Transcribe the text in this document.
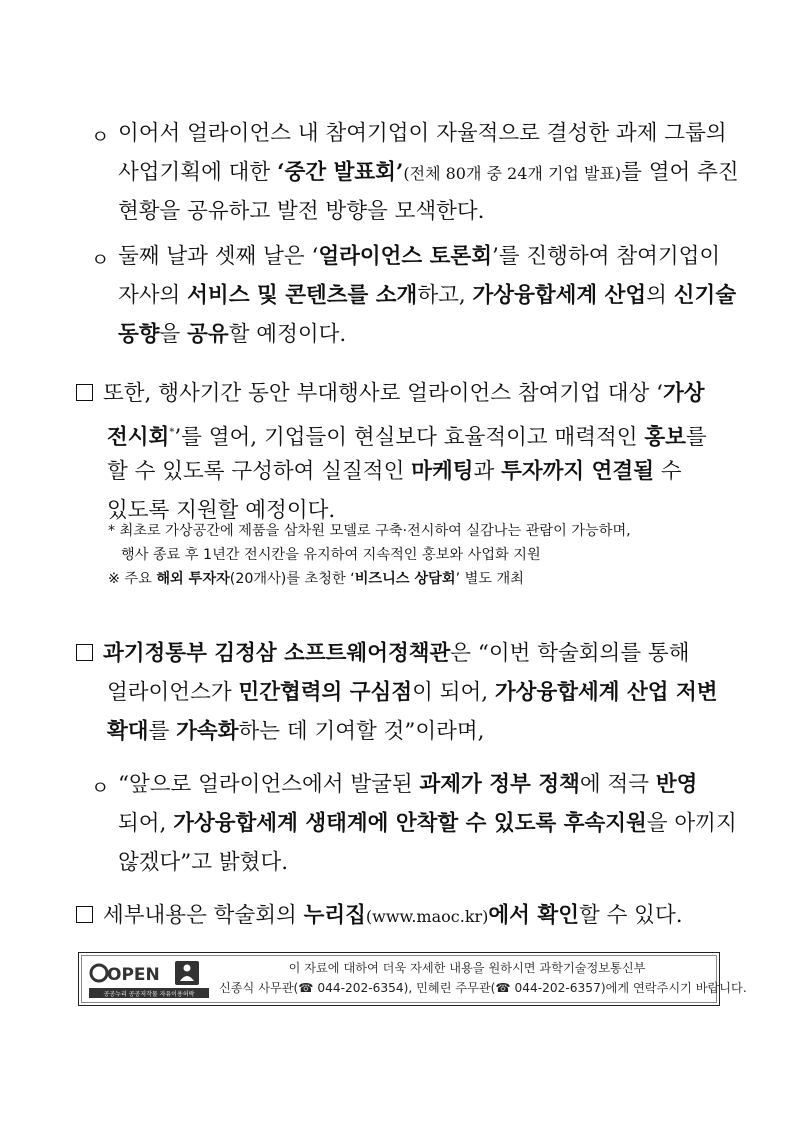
ㅇ 이어서 얼라이언스 내 참여기업이 자율적으로 결성한 과제 그룹의
사업기획에 대한 ‘중간 발표회’(전체 80개 중 24개 기업 발표)를 열어 추진
현황을 공유하고 발전 방향을 모색한다.
ㅇ 둘째 날과 셋째 날은 ‘얼라이언스 토론회’를 진행하여 참여기업이
자사의 서비스 및 콘텐츠를 소개하고, 가상융합세계 산업의 신기술
동향을 공유할 예정이다.
또한, 행사기간 동안 부대행사로 얼라이언스 참여기업 대상 ‘가상
전시회*’를 열어, 기업들이 현실보다 효율적이고 매력적인 홍보를
할 수 있도록 구성하여 실질적인 마케팅과 투자까지 연결될 수
있도록 지원할 예정이다.
* 최초로 가상공간에 제품을 삼차원 모델로 구축·전시하여 실감나는 관람이 가능하며,
행사 종료 후 1년간 전시칸을 유지하여 지속적인 홍보와 사업화 지원
※ 주요 해외 투자자(20개사)를 초청한 ‘비즈니스 상담회’ 별도 개최
과기정통부 김정삼 소프트웨어정책관은 “이번 학술회의를 통해
얼라이언스가 민간협력의 구심점이 되어, 가상융합세계 산업 저변
확대를 가속화하는 데 기여할 것”이라며,
ㅇ “앞으로 얼라이언스에서 발굴된 과제가 정부 정책에 적극 반영
되어, 가상융합세계 생태계에 안착할 수 있도록 후속지원을 아끼지
않겠다”고 밝혔다.
세부내용은 학술회의 누리집(www.maoc.kr)에서 확인할 수 있다.
OPEN
공공누리 공공저작물 자유이용허락
이 자료에 대하여 더욱 자세한 내용을 원하시면 과학기술정보통신부
신종식 사무관(☎ 044-202-6354), 민혜린 주무관(☎ 044-202-6357)에게 연락주시기 바랍니다.
